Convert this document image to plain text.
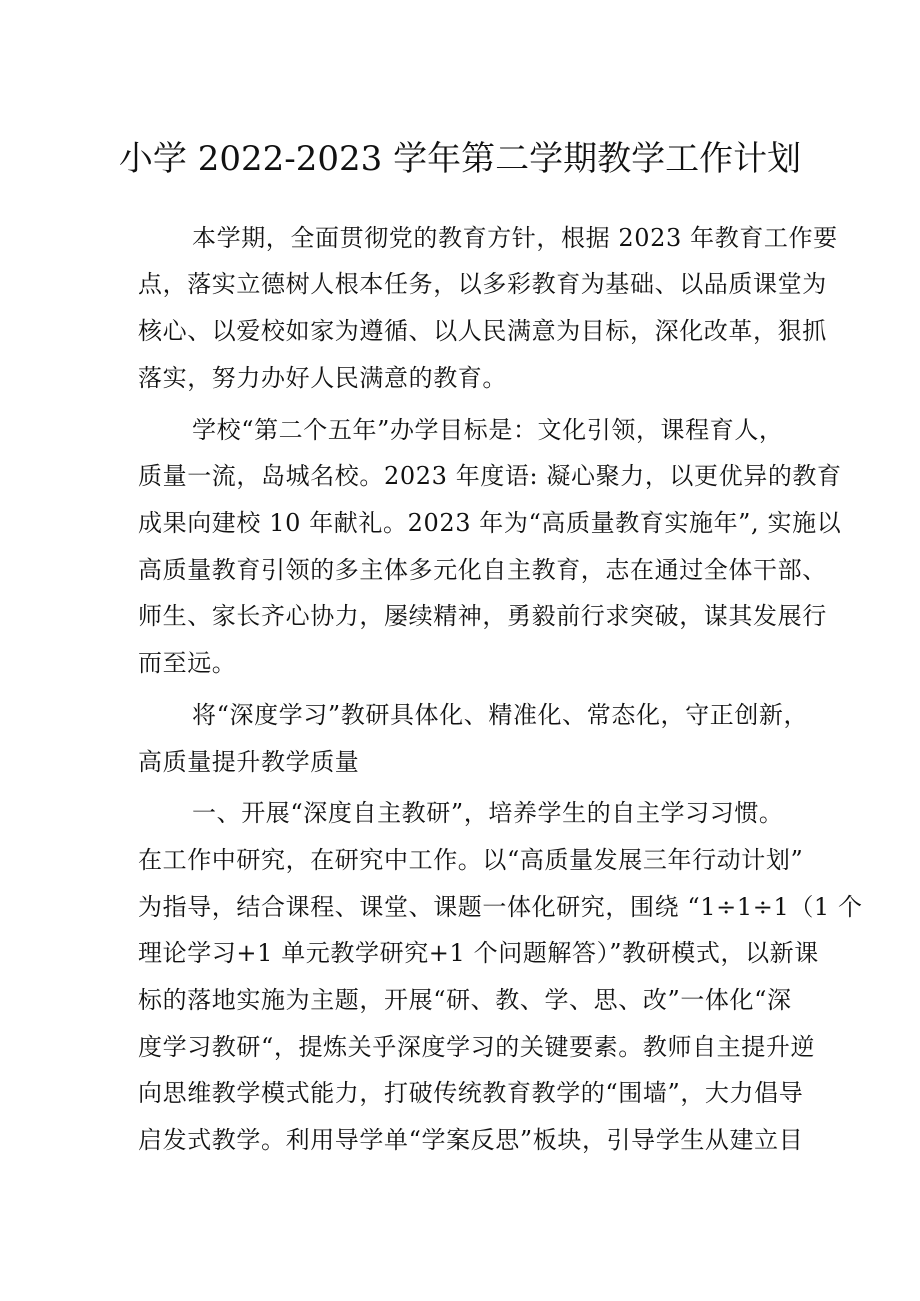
小学 2022-2023 学年第二学期教学工作计划
本学期，全面贯彻党的教育方针，根据 2023 年教育工作要
点，落实立德树人根本任务，以多彩教育为基础、以品质课堂为
核心、以爱校如家为遵循、以人民满意为目标，深化改革，狠抓
落实，努力办好人民满意的教育。
学校“第二个五年”办学目标是：文化引领，课程育人，
质量一流，岛城名校。2023 年度语: 凝心聚力，以更优异的教育
成果向建校 10 年献礼。2023 年为“高质量教育实施年”, 实施以
高质量教育引领的多主体多元化自主教育，志在通过全体干部、
师生、家长齐心协力，屡续精神，勇毅前行求突破，谋其发展行
而至远。
将“深度学习”教研具体化、精准化、常态化，守正创新，
高质量提升教学质量
一、开展“深度自主教研”，培养学生的自主学习习惯。
在工作中研究，在研究中工作。以“高质量发展三年行动计划”
为指导，结合课程、课堂、课题一体化研究，围绕 “1÷1÷1（1 个
理论学习+1 单元教学研究+1 个问题解答）”教研模式，以新课
标的落地实施为主题，开展“研、教、学、思、改”一体化“深
度学习教研“，提炼关乎深度学习的关键要素。教师自主提升逆
向思维教学模式能力，打破传统教育教学的“围墙”，大力倡导
启发式教学。利用导学单“学案反思”板块，引导学生从建立目
